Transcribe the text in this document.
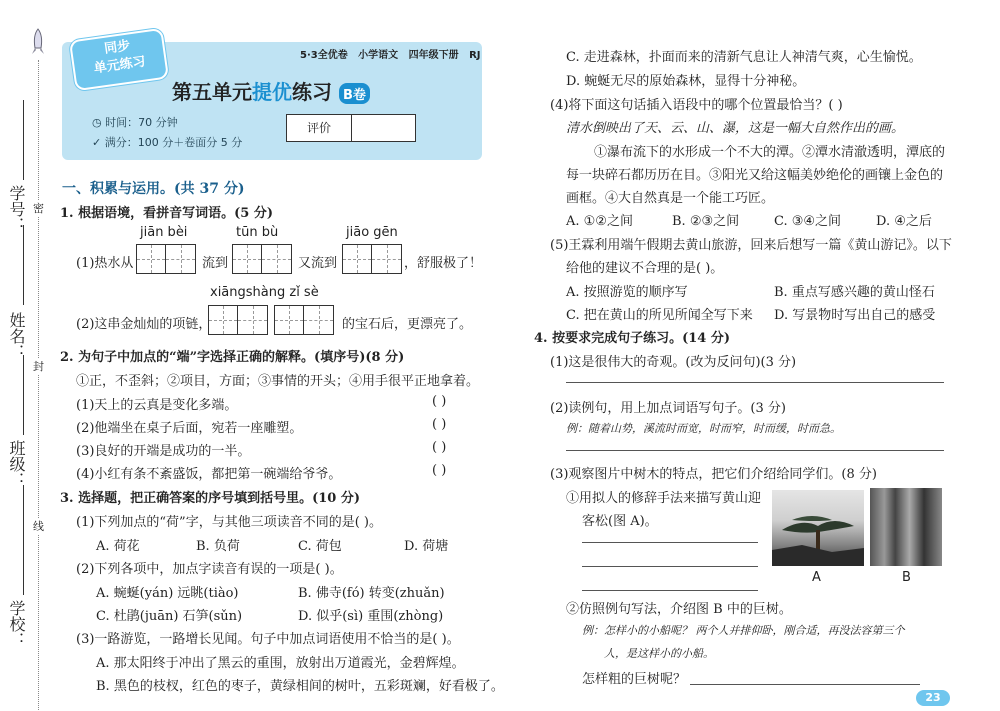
密
封
线
学号：
姓名：
班级：
学校：
同步
单元练习	5·3全优卷 小学语文 四年级下册 RJ
第五单元提优练习 B卷
◷ 时间：70 分钟
✓ 满分：100 分＋卷面分 5 分
评价
一、积累与运用。(共 37 分)
1. 根据语境，看拼音写词语。(5 分)
jiān bèi	tūn bù	jiāo gēn
(1)热水从	流到	又流到	，舒服极了！
xiāngshàng zǐ sè
(2)这串金灿灿的项链，	的宝石后，更漂亮了。
2. 为句子中加点的“端”字选择正确的解释。(填序号)(8 分)
①正，不歪斜；②项目，方面；③事情的开头；④用手很平正地拿着。
(1)天上的云真是变化多端。	( )
(2)他端坐在桌子后面，宛若一座雕塑。	( )
(3)良好的开端是成功的一半。	( )
(4)小红有条不紊盛饭，都把第一碗端给爷爷。	( )
3. 选择题，把正确答案的序号填到括号里。(10 分)
(1)下列加点的“荷”字，与其他三项读音不同的是( )。
A. 荷花	B. 负荷	C. 荷包	D. 荷塘
(2)下列各项中，加点字读音有误的一项是( )。
A. 蜿蜒(yán) 远眺(tiào)	B. 佛寺(fó) 转变(zhuǎn)
C. 杜鹃(juān) 石笋(sǔn)	D. 似乎(sì) 重围(zhòng)
(3)一路游览，一路增长见闻。句子中加点词语使用不恰当的是( )。
A. 那太阳终于冲出了黑云的重围，放射出万道霞光，金碧辉煌。
B. 黑色的枝杈，红色的枣子，黄绿相间的树叶，五彩斑斓，好看极了。
C. 走进森林，扑面而来的清新气息让人神清气爽，心生愉悦。
D. 蜿蜒无尽的原始森林，显得十分神秘。
(4)将下面这句话插入语段中的哪个位置最恰当？( )
清水倒映出了天、云、山、瀑，这是一幅大自然作出的画。
①瀑布流下的水形成一个不大的潭。②潭水清澈透明，潭底的
每一块碎石都历历在目。③阳光又给这幅美妙绝伦的画镶上金色的
画框。④大自然真是一个能工巧匠。
A. ①②之间	B. ②③之间	C. ③④之间	D. ④之后
(5)王霖利用端午假期去黄山旅游，回来后想写一篇《黄山游记》。以下
给他的建议不合理的是( )。
A. 按照游览的顺序写	B. 重点写感兴趣的黄山怪石
C. 把在黄山的所见所闻全写下来 D. 写景物时写出自己的感受
4. 按要求完成句子练习。(14 分)
(1)这是很伟大的奇观。(改为反问句)(3 分)
(2)读例句，用上加点词语写句子。(3 分)
例：随着山势，溪流时而宽，时而窄，时而缓，时而急。
(3)观察图片中树木的特点，把它们介绍给同学们。(8 分)
①用拟人的修辞手法来描写黄山迎
客松(图 A)。
A	B
②仿照例句写法，介绍图 B 中的巨树。
例：怎样小的小船呢？ 两个人并排仰卧，刚合适，再没法容第三个
人，是这样小的小船。
怎样粗的巨树呢？
23
